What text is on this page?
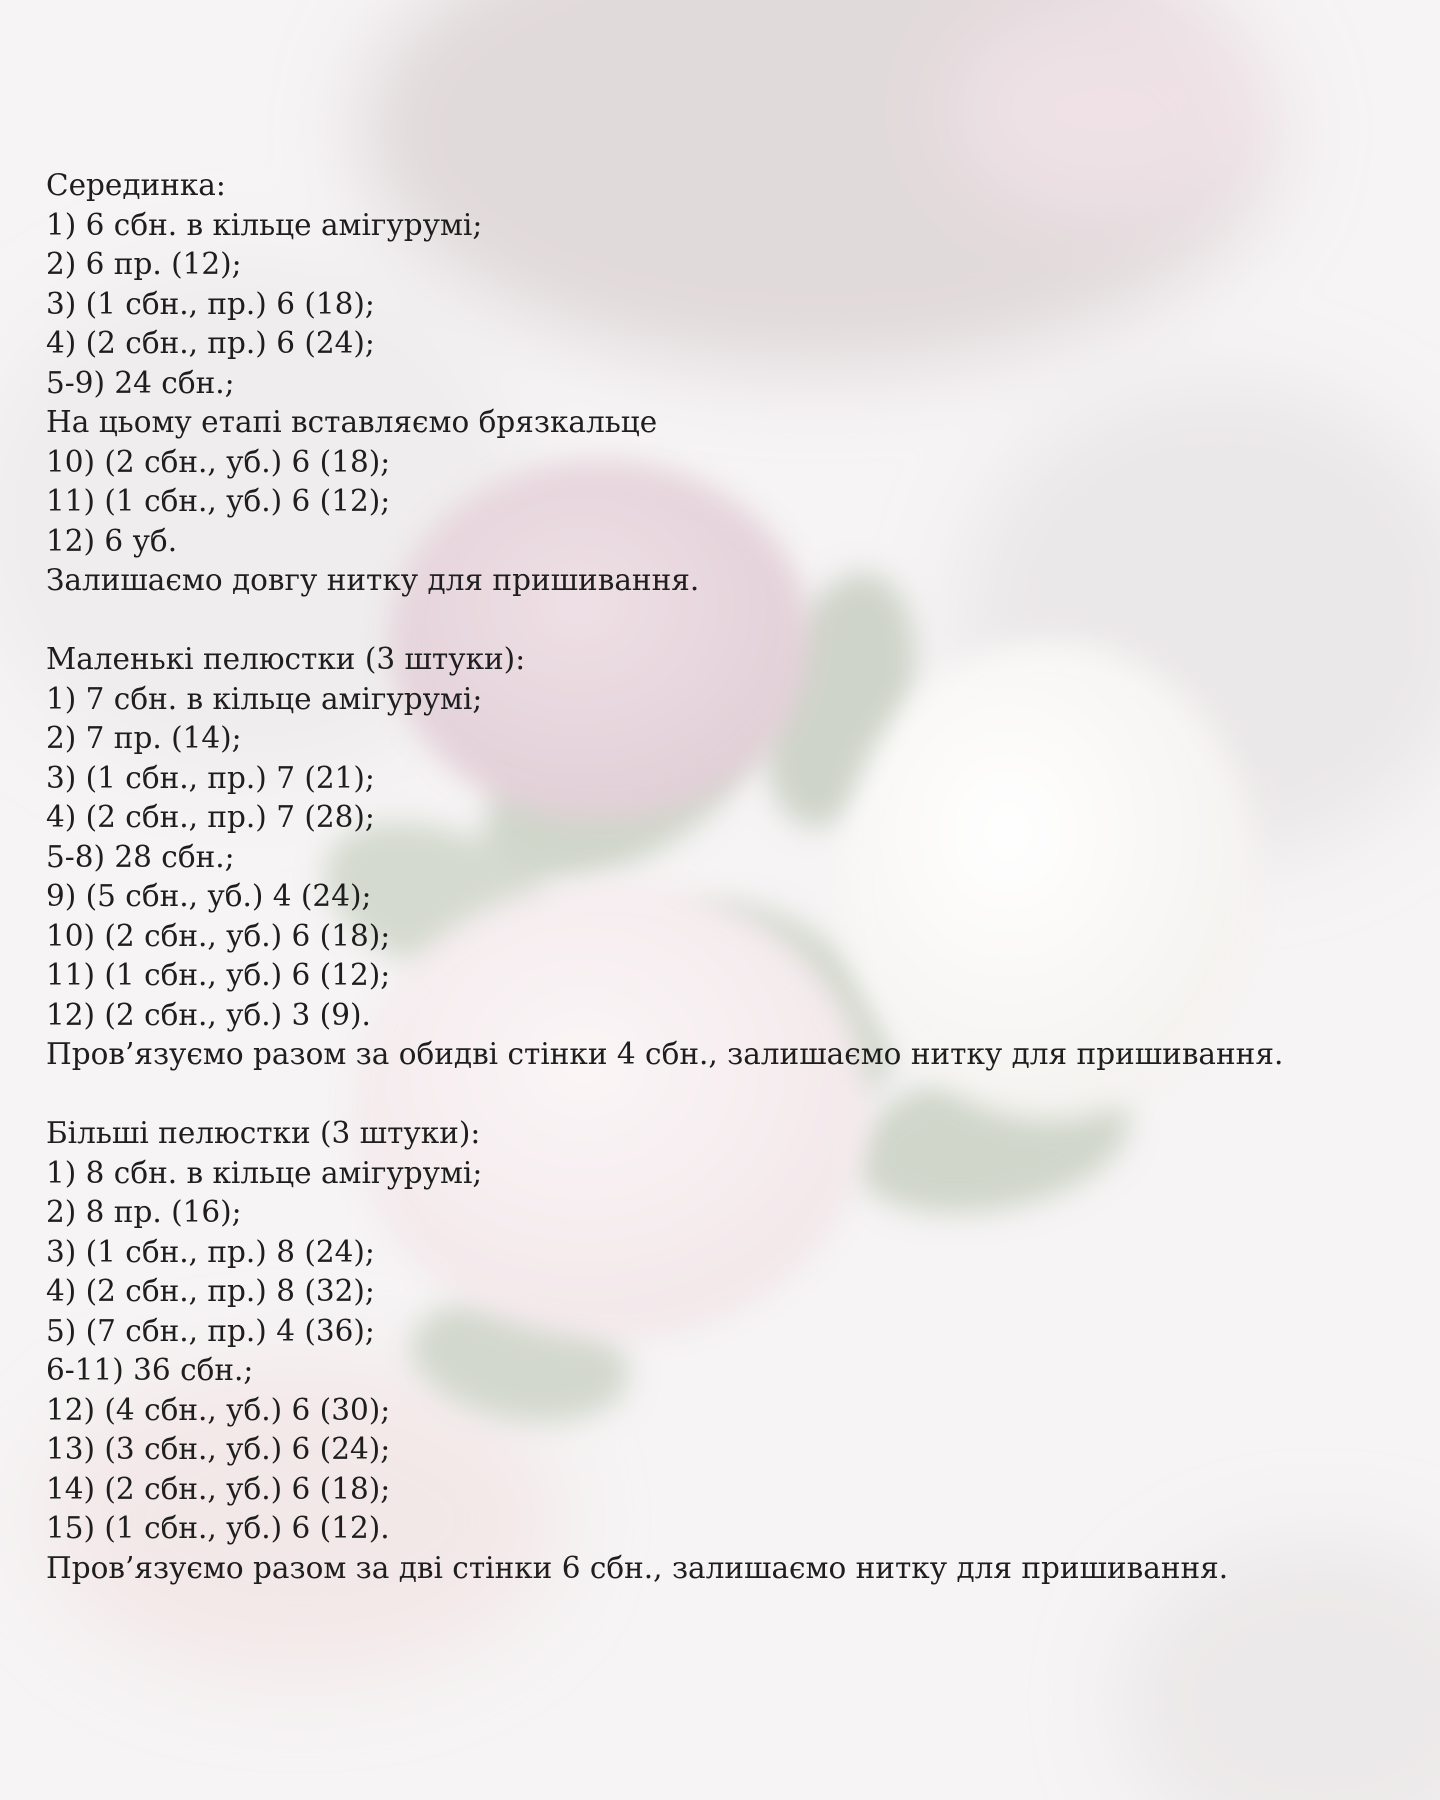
Серединка:
1) 6 сбн. в кільце амігурумі;
2) 6 пр. (12);
3) (1 сбн., пр.) 6 (18);
4) (2 сбн., пр.) 6 (24);
5-9) 24 сбн.;
На цьому етапі вставляємо брязкальце
10) (2 сбн., уб.) 6 (18);
11) (1 сбн., уб.) 6 (12);
12) 6 уб.
Залишаємо довгу нитку для пришивання.
Маленькі пелюстки (3 штуки):
1) 7 сбн. в кільце амігурумі;
2) 7 пр. (14);
3) (1 сбн., пр.) 7 (21);
4) (2 сбн., пр.) 7 (28);
5-8) 28 сбн.;
9) (5 сбн., уб.) 4 (24);
10) (2 сбн., уб.) 6 (18);
11) (1 сбн., уб.) 6 (12);
12) (2 сбн., уб.) 3 (9).
Пров’язуємо разом за обидві стінки 4 сбн., залишаємо нитку для пришивання.
Більші пелюстки (3 штуки):
1) 8 сбн. в кільце амігурумі;
2) 8 пр. (16);
3) (1 сбн., пр.) 8 (24);
4) (2 сбн., пр.) 8 (32);
5) (7 сбн., пр.) 4 (36);
6-11) 36 сбн.;
12) (4 сбн., уб.) 6 (30);
13) (3 сбн., уб.) 6 (24);
14) (2 сбн., уб.) 6 (18);
15) (1 сбн., уб.) 6 (12).
Пров’язуємо разом за дві стінки 6 сбн., залишаємо нитку для пришивання.
